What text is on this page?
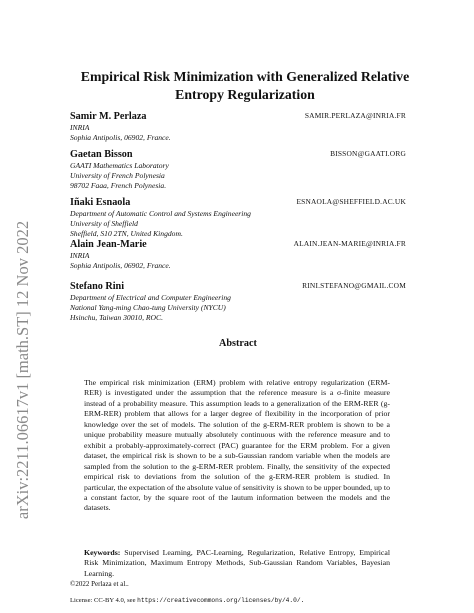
arXiv:2211.06617v1 [math.ST] 12 Nov 2022
Empirical Risk Minimization with Generalized Relative Entropy Regularization
Samir M. Perlaza	SAMIR.PERLAZA@INRIA.FR
INRIA
Sophia Antipolis, 06902, France.
Gaetan Bisson	BISSON@GAATI.ORG
GAATI Mathematics Laboratory
University of French Polynesia
98702 Faaa, French Polynesia.
Iñaki Esnaola	ESNAOLA@SHEFFIELD.AC.UK
Department of Automatic Control and Systems Engineering
University of Sheffield
Sheffield, S10 2TN, United Kingdom.
Alain Jean-Marie	ALAIN.JEAN-MARIE@INRIA.FR
INRIA
Sophia Antipolis, 06902, France.
Stefano Rini	RINI.STEFANO@GMAIL.COM
Department of Electrical and Computer Engineering
National Yang-ming Chao-tung University (NYCU)
Hsinchu, Taiwan 30010, ROC.
Abstract
The empirical risk minimization (ERM) problem with relative entropy regularization (ERM-RER) is investigated under the assumption that the reference measure is a σ-finite measure instead of a probability measure. This assumption leads to a generalization of the ERM-RER (g-ERM-RER) problem that allows for a larger degree of flexibility in the incorporation of prior knowledge over the set of models. The solution of the g-ERM-RER problem is shown to be a unique probability measure mutually absolutely continuous with the reference measure and to exhibit a probably-approximately-correct (PAC) guarantee for the ERM problem. For a given dataset, the empirical risk is shown to be a sub-Gaussian random variable when the models are sampled from the solution to the g-ERM-RER problem. Finally, the sensitivity of the expected empirical risk to deviations from the solution of the g-ERM-RER problem is studied. In particular, the expectation of the absolute value of sensitivity is shown to be upper bounded, up to a constant factor, by the square root of the lautum information between the models and the datasets.
Keywords: Supervised Learning, PAC-Learning, Regularization, Relative Entropy, Empirical Risk Minimization, Maximum Entropy Methods, Sub-Gaussian Random Variables, Bayesian Learning.
©2022 Perlaza et al..
License: CC-BY 4.0, see https://creativecommons.org/licenses/by/4.0/.
